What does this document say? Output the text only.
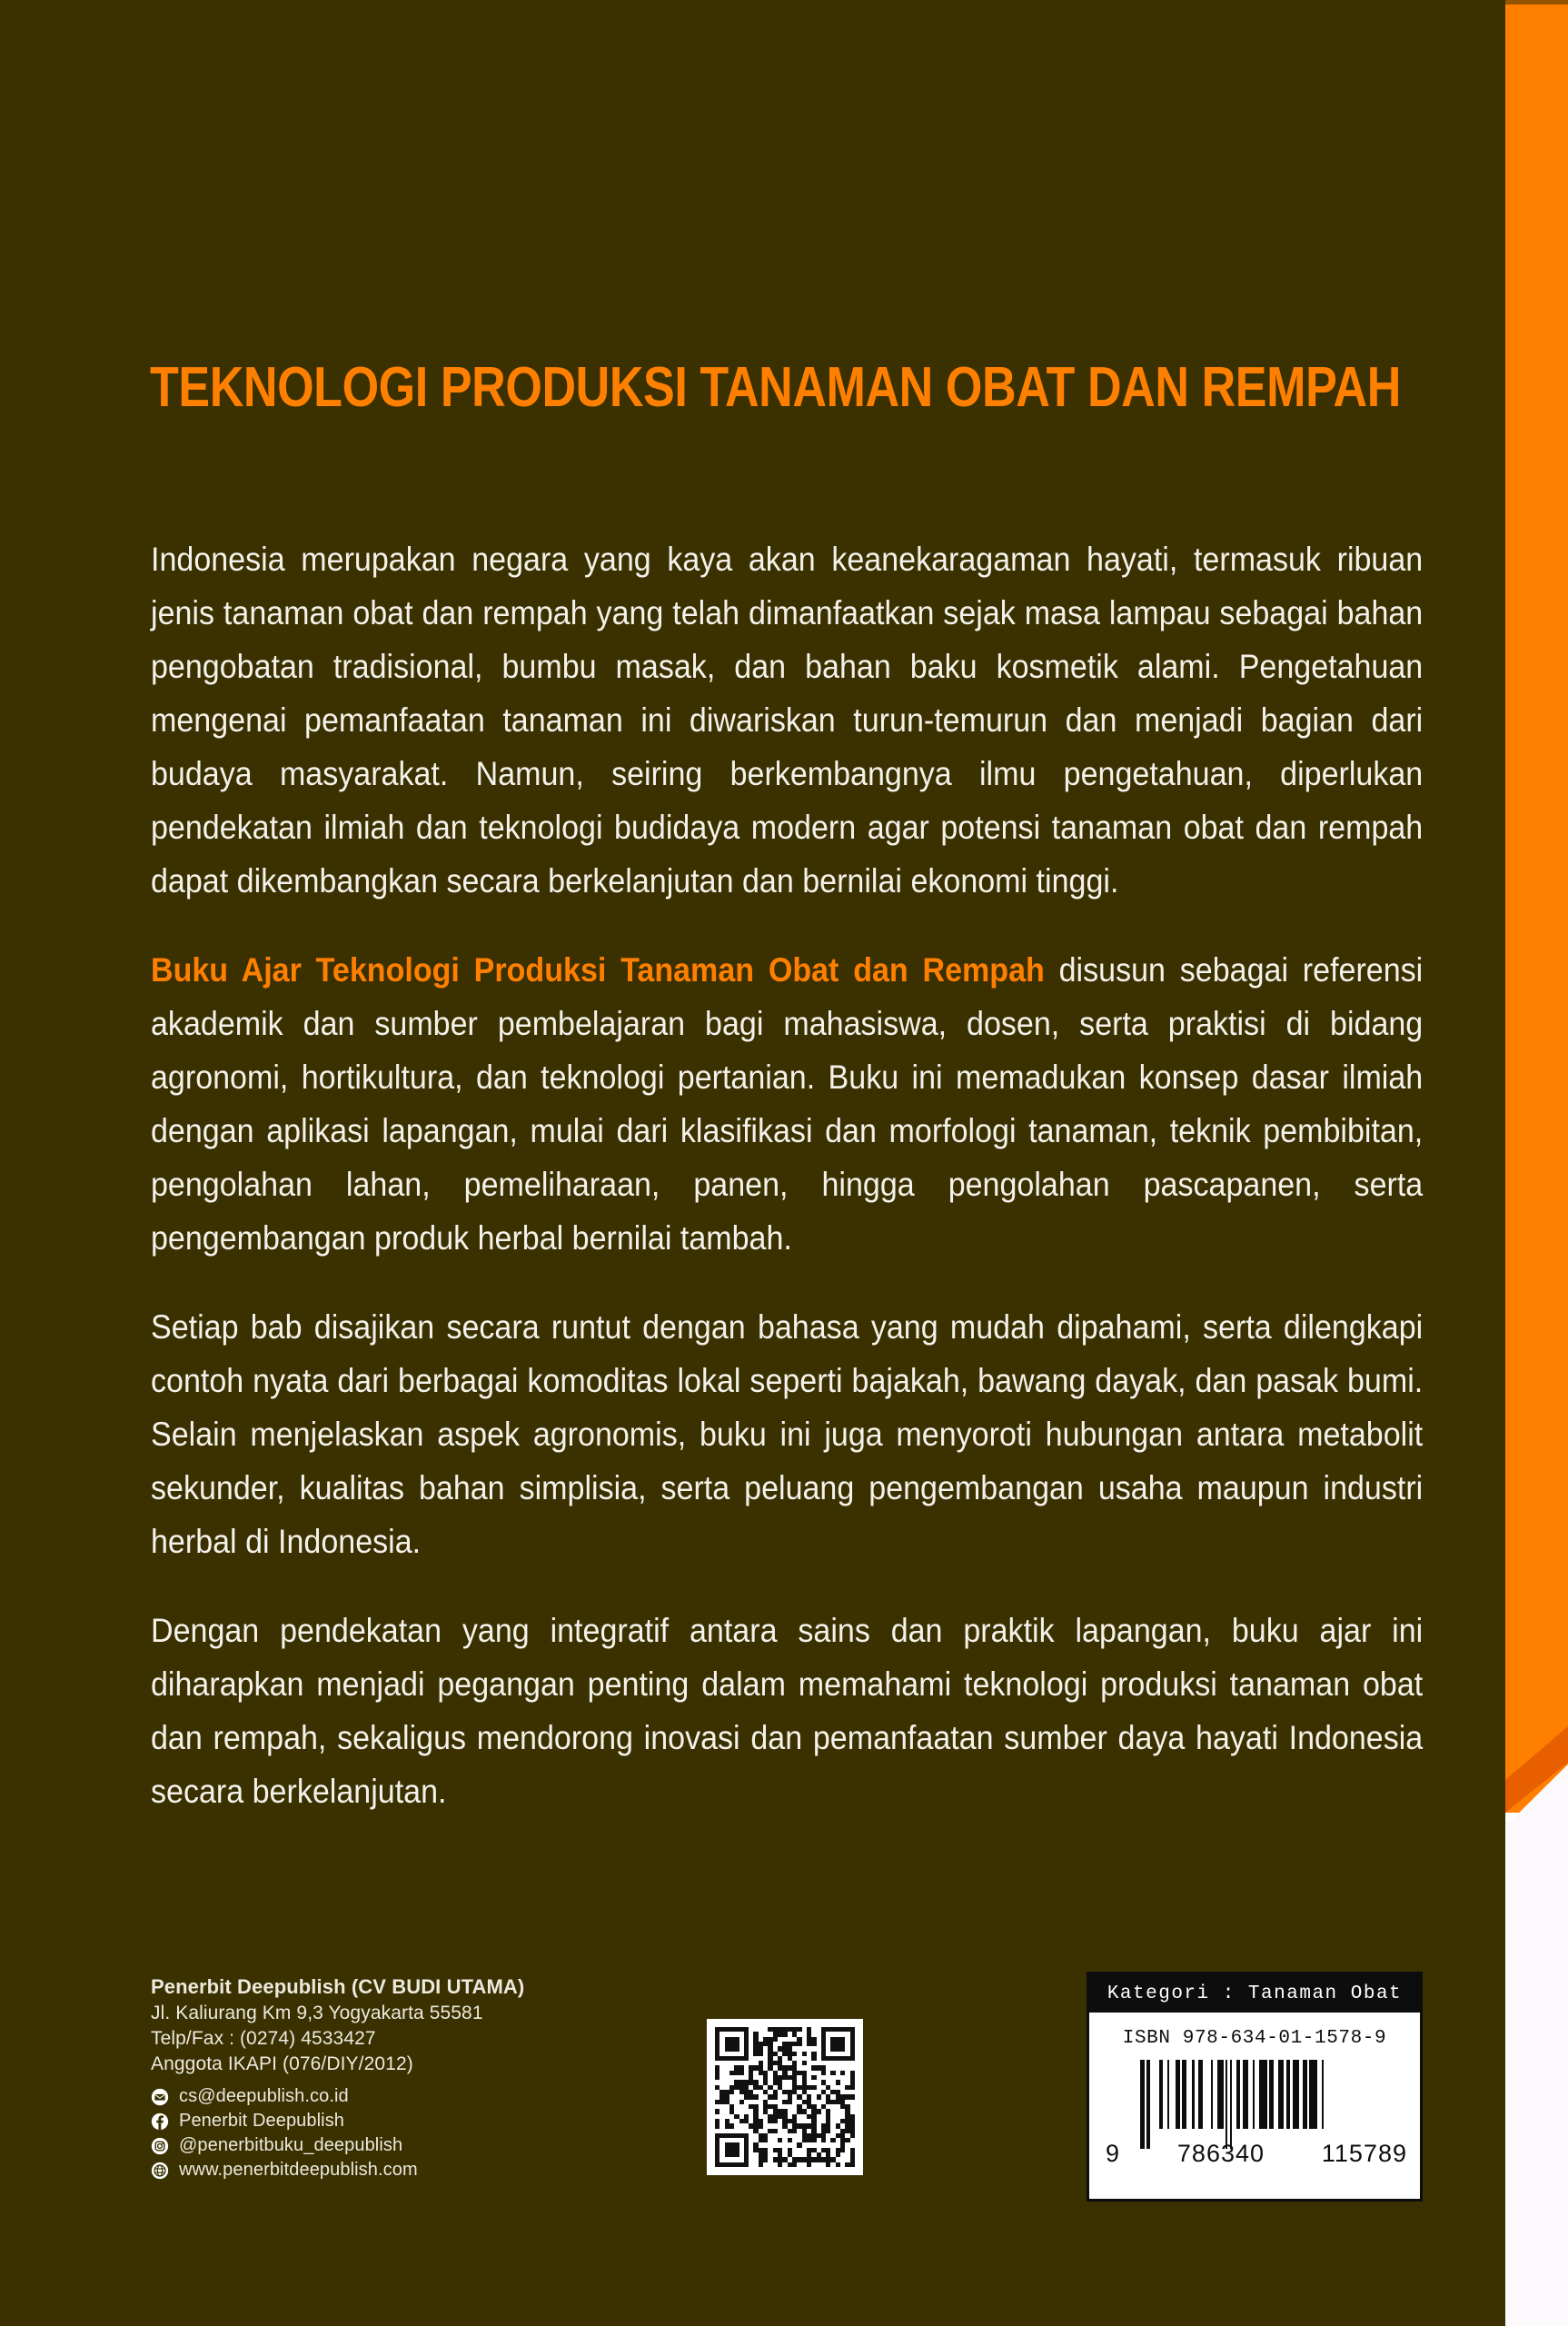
TEKNOLOGI PRODUKSI TANAMAN OBAT DAN REMPAH

Indonesia merupakan negara yang kaya akan keanekaragaman hayati, termasuk ribuan jenis tanaman obat dan rempah yang telah dimanfaatkan sejak masa lampau sebagai bahan pengobatan tradisional, bumbu masak, dan bahan baku kosmetik alami. Pengetahuan mengenai pemanfaatan tanaman ini diwariskan turun-temurun dan menjadi bagian dari budaya masyarakat. Namun, seiring berkembangnya ilmu pengetahuan, diperlukan pendekatan ilmiah dan teknologi budidaya modern agar potensi tanaman obat dan rempah dapat dikembangkan secara berkelanjutan dan bernilai ekonomi tinggi.

Buku Ajar Teknologi Produksi Tanaman Obat dan Rempah disusun sebagai referensi akademik dan sumber pembelajaran bagi mahasiswa, dosen, serta praktisi di bidang agronomi, hortikultura, dan teknologi pertanian. Buku ini memadukan konsep dasar ilmiah dengan aplikasi lapangan, mulai dari klasifikasi dan morfologi tanaman, teknik pembibitan, pengolahan lahan, pemeliharaan, panen, hingga pengolahan pascapanen, serta pengembangan produk herbal bernilai tambah.

Setiap bab disajikan secara runtut dengan bahasa yang mudah dipahami, serta dilengkapi contoh nyata dari berbagai komoditas lokal seperti bajakah, bawang dayak, dan pasak bumi. Selain menjelaskan aspek agronomis, buku ini juga menyoroti hubungan antara metabolit sekunder, kualitas bahan simplisia, serta peluang pengembangan usaha maupun industri herbal di Indonesia.

Dengan pendekatan yang integratif antara sains dan praktik lapangan, buku ajar ini diharapkan menjadi pegangan penting dalam memahami teknologi produksi tanaman obat dan rempah, sekaligus mendorong inovasi dan pemanfaatan sumber daya hayati Indonesia secara berkelanjutan.

Penerbit Deepublish (CV BUDI UTAMA)
Jl. Kaliurang Km 9,3 Yogyakarta 55581
Telp/Fax : (0274) 4533427
Anggota IKAPI (076/DIY/2012)
cs@deepublish.co.id
Penerbit Deepublish
@penerbitbuku_deepublish
www.penerbitdeepublish.com
Kategori : Tanaman Obat
ISBN 978-634-01-1578-9
9 786340 115789
